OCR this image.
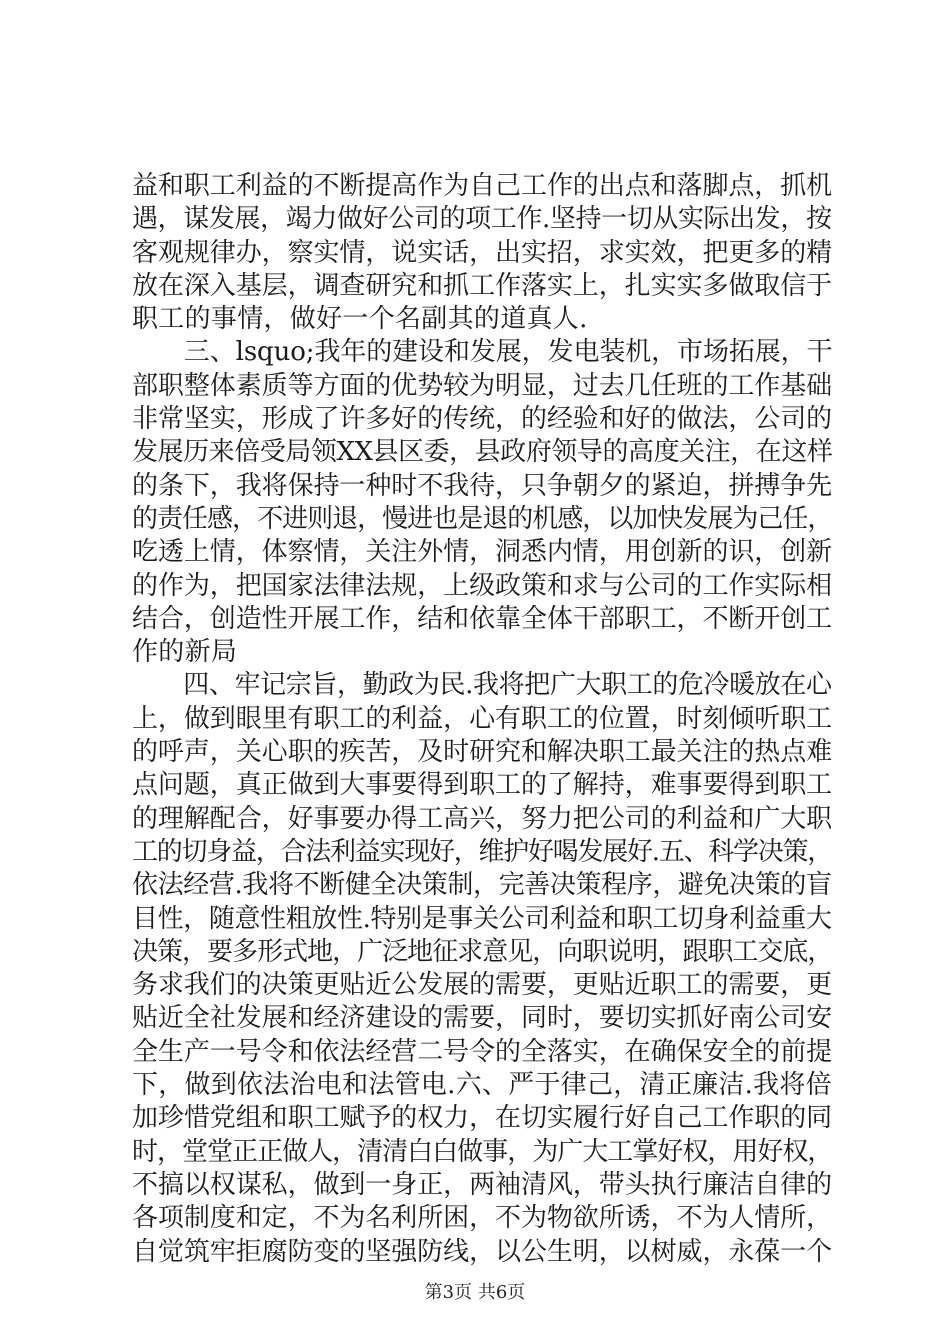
益和职工利益的不断提高作为自己工作的出点和落脚点，抓机
遇，谋发展，竭力做好公司的项工作.坚持一切从实际出发，按
客观规律办，察实情，说实话，出实招，求实效，把更多的精
放在深入基层，调查研究和抓工作落实上，扎实实多做取信于
职工的事情，做好一个名副其的道真人.
　　三、lsquo;我年的建设和发展，发电装机，市场拓展，干
部职整体素质等方面的优势较为明显，过去几任班的工作基础
非常坚实，形成了许多好的传统，的经验和好的做法，公司的
发展历来倍受局领XX县区委，县政府领导的高度关注，在这样
的条下，我将保持一种时不我待，只争朝夕的紧迫，拼搏争先
的责任感，不进则退，慢进也是退的机感，以加快发展为己任，
吃透上情，体察情，关注外情，洞悉内情，用创新的识，创新
的作为，把国家法律法规，上级政策和求与公司的工作实际相
结合，创造性开展工作，结和依靠全体干部职工，不断开创工
作的新局
　　四、牢记宗旨，勤政为民.我将把广大职工的危冷暖放在心
上，做到眼里有职工的利益，心有职工的位置，时刻倾听职工
的呼声，关心职的疾苦，及时研究和解决职工最关注的热点难
点问题，真正做到大事要得到职工的了解持，难事要得到职工
的理解配合，好事要办得工高兴，努力把公司的利益和广大职
工的切身益，合法利益实现好，维护好喝发展好.五、科学决策，
依法经营.我将不断健全决策制，完善决策程序，避免决策的盲
目性，随意性粗放性.特别是事关公司利益和职工切身利益重大
决策，要多形式地，广泛地征求意见，向职说明，跟职工交底，
务求我们的决策更贴近公发展的需要，更贴近职工的需要，更
贴近全社发展和经济建设的需要，同时，要切实抓好南公司安
全生产一号令和依法经营二号令的全落实，在确保安全的前提
下，做到依法治电和法管电.六、严于律己，清正廉洁.我将倍
加珍惜党组和职工赋予的权力，在切实履行好自己工作职的同
时，堂堂正正做人，清清白白做事，为广大工掌好权，用好权，
不搞以权谋私，做到一身正，两袖清风，带头执行廉洁自律的
各项制度和定，不为名利所困，不为物欲所诱，不为人情所，
自觉筑牢拒腐防变的坚强防线，以公生明，以树威，永葆一个
第3页 共6页
